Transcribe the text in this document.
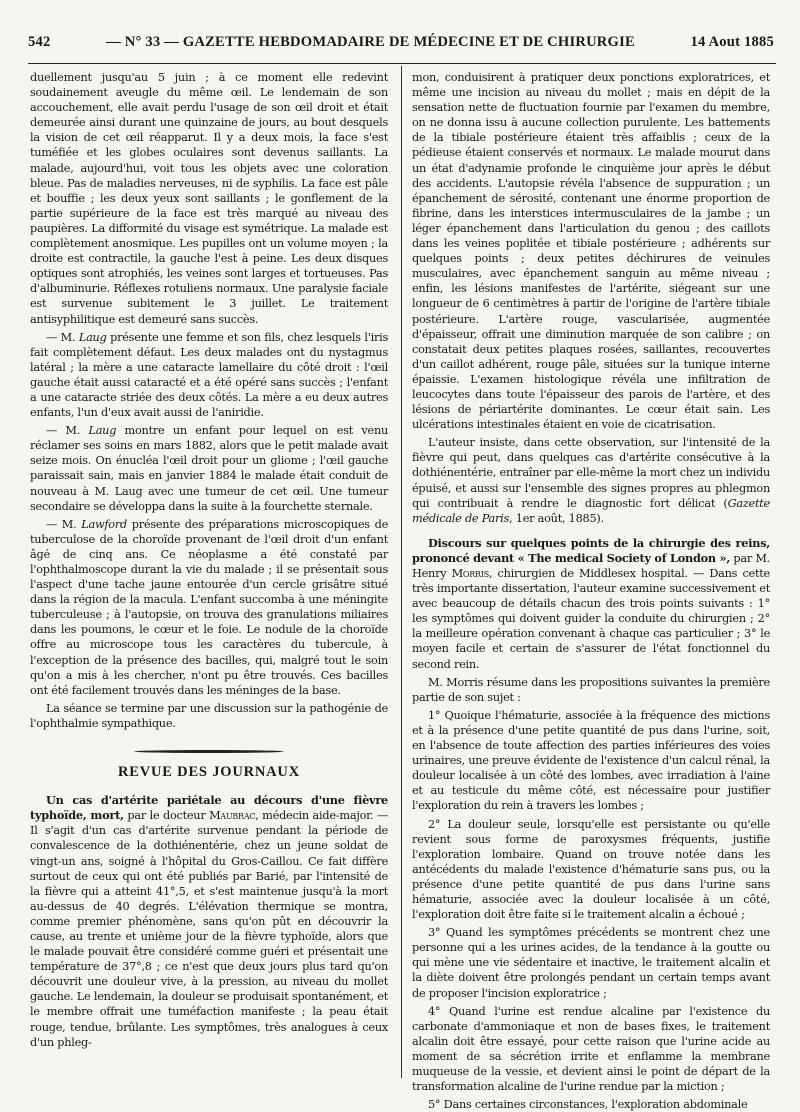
542	— N° 33 — GAZETTE HEBDOMADAIRE DE MÉDECINE ET DE CHIRURGIE	14 Aout 1885

duellement jusqu'au 5 juin ; à ce moment elle redevint soudainement aveugle du même œil. Le lendemain de son accouchement, elle avait perdu l'usage de son œil droit et était demeurée ainsi durant une quinzaine de jours, au bout desquels la vision de cet œil réapparut. Il y a deux mois, la face s'est tuméfiée et les globes oculaires sont devenus saillants. La malade, aujourd'hui, voit tous les objets avec une coloration bleue. Pas de maladies nerveuses, ni de syphilis. La face est pâle et bouffie ; les deux yeux sont saillants ; le gonflement de la partie supérieure de la face est très marqué au niveau des paupières. La difformité du visage est symétrique. La malade est complètement anosmique. Les pupilles ont un volume moyen ; la droite est contractile, la gauche l'est à peine. Les deux disques optiques sont atrophiés, les veines sont larges et tortueuses. Pas d'albuminurie. Réflexes rotuliens normaux. Une paralysie faciale est survenue subitement le 3 juillet. Le traitement antisyphilitique est demeuré sans succès.

— M. Laug présente une femme et son fils, chez lesquels l'iris fait complètement défaut. Les deux malades ont du nystagmus latéral ; la mère a une cataracte lamellaire du côté droit : l'œil gauche était aussi cataracté et a été opéré sans succès ; l'enfant a une cataracte striée des deux côtés. La mère a eu deux autres enfants, l'un d'eux avait aussi de l'aniridie.

— M. Laug montre un enfant pour lequel on est venu réclamer ses soins en mars 1882, alors que le petit malade avait seize mois. On énucléa l'œil droit pour un gliome ; l'œil gauche paraissait sain, mais en janvier 1884 le malade était conduit de nouveau à M. Laug avec une tumeur de cet œil. Une tumeur secondaire se développa dans la suite à la fourchette sternale.

— M. Lawford présente des préparations microscopiques de tuberculose de la choroïde provenant de l'œil droit d'un enfant âgé de cinq ans. Ce néoplasme a été constaté par l'ophthalmoscope durant la vie du malade ; il se présentait sous l'aspect d'une tache jaune entourée d'un cercle grisâtre situé dans la région de la macula. L'enfant succomba à une méningite tuberculeuse ; à l'autopsie, on trouva des granulations miliaires dans les poumons, le cœur et le foie. Le nodule de la choroïde offre au microscope tous les caractères du tubercule, à l'exception de la présence des bacilles, qui, malgré tout le soin qu'on a mis à les chercher, n'ont pu être trouvés. Ces bacilles ont été facilement trouvés dans les méninges de la base.

La séance se termine par une discussion sur la pathogénie de l'ophthalmie sympathique.

REVUE DES JOURNAUX

Un cas d'artérite pariétale au décours d'une fièvre typhoïde, mort, par le docteur Maubrac, médecin aide-major. — Il s'agit d'un cas d'artérite survenue pendant la période de convalescence de la dothiénentérie, chez un jeune soldat de vingt-un ans, soigné à l'hôpital du Gros-Caillou. Ce fait diffère surtout de ceux qui ont été publiés par Barié, par l'intensité de la fièvre qui a atteint 41°,5, et s'est maintenue jusqu'à la mort au-dessus de 40 degrés. L'élévation thermique se montra, comme premier phénomène, sans qu'on pût en découvrir la cause, au trente et unième jour de la fièvre typhoïde, alors que le malade pouvait être considéré comme guéri et présentait une température de 37°,8 ; ce n'est que deux jours plus tard qu'on découvrit une douleur vive, à la pression, au niveau du mollet gauche. Le lendemain, la douleur se produisait spontanément, et le membre offrait une tuméfaction manifeste ; la peau était rouge, tendue, brûlante. Les symptômes, très analogues à ceux d'un phleg-

mon, conduisirent à pratiquer deux ponctions exploratrices, et même une incision au niveau du mollet ; mais en dépit de la sensation nette de fluctuation fournie par l'examen du membre, on ne donna issu à aucune collection purulente. Les battements de la tibiale postérieure étaient très affaiblis ; ceux de la pédieuse étaient conservés et normaux. Le malade mourut dans un état d'adynamie profonde le cinquième jour après le début des accidents. L'autopsie révéla l'absence de suppuration ; un épanchement de sérosité, contenant une énorme proportion de fibrine, dans les interstices intermusculaires de la jambe ; un léger épanchement dans l'articulation du genou ; des caillots dans les veines poplitée et tibiale postérieure ; adhérents sur quelques points ; deux petites déchirures de veinules musculaires, avec épanchement sanguin au même niveau ; enfin, les lésions manifestes de l'artérite, siégeant sur une longueur de 6 centimètres à partir de l'origine de l'artère tibiale postérieure. L'artère rouge, vascularisée, augmentée d'épaisseur, offrait une diminution marquée de son calibre ; on constatait deux petites plaques rosées, saillantes, recouvertes d'un caillot adhérent, rouge pâle, situées sur la tunique interne épaissie. L'examen histologique révéla une infiltration de leucocytes dans toute l'épaisseur des parois de l'artère, et des lésions de périartérite dominantes. Le cœur était sain. Les ulcérations intestinales étaient en voie de cicatrisation.

L'auteur insiste, dans cette observation, sur l'intensité de la fièvre qui peut, dans quelques cas d'artérite consécutive à la dothiénentérie, entraîner par elle-même la mort chez un individu épuisé, et aussi sur l'ensemble des signes propres au phlegmon qui contribuait à rendre le diagnostic fort délicat (Gazette médicale de Paris, 1er août, 1885).

Discours sur quelques points de la chirurgie des reins, prononcé devant « The medical Society of London », par M. Henry Morris, chirurgien de Middlesex hospital. — Dans cette très importante dissertation, l'auteur examine successivement et avec beaucoup de détails chacun des trois points suivants : 1° les symptômes qui doivent guider la conduite du chirurgien ; 2° la meilleure opération convenant à chaque cas particulier ; 3° le moyen facile et certain de s'assurer de l'état fonctionnel du second rein.

M. Morris résume dans les propositions suivantes la première partie de son sujet :

1° Quoique l'hématurie, associée à la fréquence des mictions et à la présence d'une petite quantité de pus dans l'urine, soit, en l'absence de toute affection des parties inférieures des voies urinaires, une preuve évidente de l'existence d'un calcul rénal, la douleur localisée à un côté des lombes, avec irradiation à l'aine et au testicule du même côté, est nécessaire pour justifier l'exploration du rein à travers les lombes ;

2° La douleur seule, lorsqu'elle est persistante ou qu'elle revient sous forme de paroxysmes fréquents, justifie l'exploration lombaire. Quand on trouve notée dans les antécédents du malade l'existence d'hématurie sans pus, ou la présence d'une petite quantité de pus dans l'urine sans hématurie, associée avec la douleur localisée à un côté, l'exploration doit être faite si le traitement alcalin a échoué ;

3° Quand les symptômes précédents se montrent chez une personne qui a les urines acides, de la tendance à la goutte ou qui mène une vie sédentaire et inactive, le traitement alcalin et la diète doivent être prolongés pendant un certain temps avant de proposer l'incision exploratrice ;

4° Quand l'urine est rendue alcaline par l'existence du carbonate d'ammoniaque et non de bases fixes, le traitement alcalin doit être essayé, pour cette raison que l'urine acide au moment de sa sécrétion irrite et enflamme la membrane muqueuse de la vessie, et devient ainsi le point de départ de la transformation alcaline de l'urine rendue par la miction ;

5° Dans certaines circonstances, l'exploration abdominale
